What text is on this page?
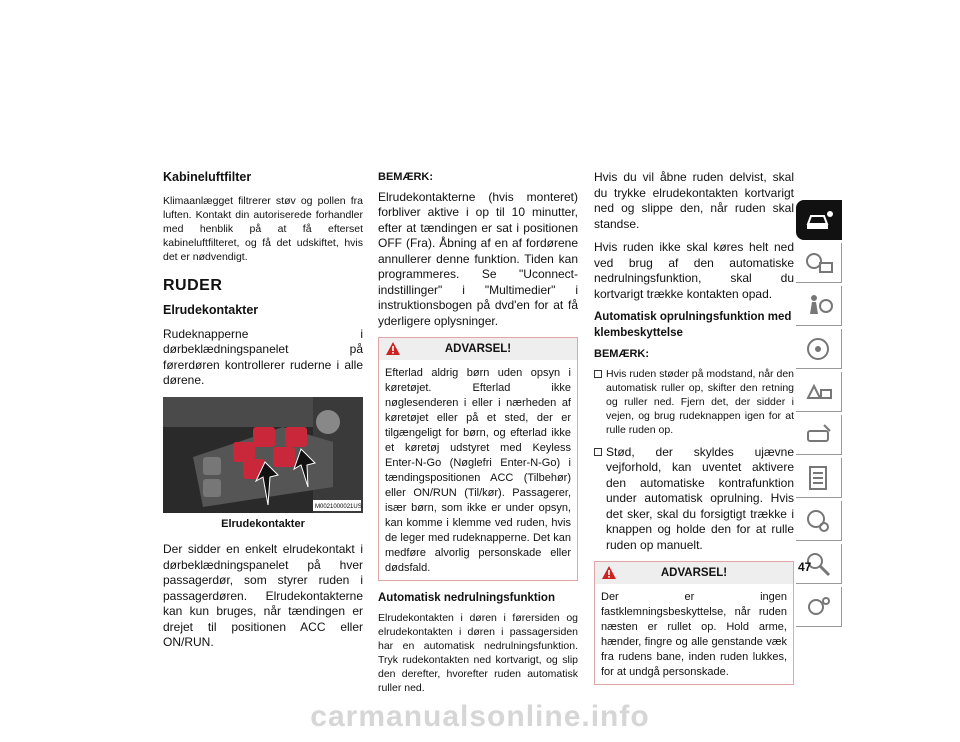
Kabineluftfilter

Klimaanlægget filtrerer støv og pollen fra luften. Kontakt din autoriserede forhandler med henblik på at få efterset kabineluftfilteret, og få det udskiftet, hvis det er nødvendigt.

RUDER
Elrudekontakter

Rudeknapperne i dørbeklædningspanelet på førerdøren kontrollerer ruderne i alle dørene.

M0021000021US
Elrudekontakter

Der sidder en enkelt elrudekontakt i dørbeklædningspanelet på hver passagerdør, som styrer ruden i passagerdøren. Elrudekontakterne kan kun bruges, når tændingen er drejet til positionen ACC eller ON/RUN.

BEMÆRK:

Elrudekontakterne (hvis monteret) forbliver aktive i op til 10 minutter, efter at tændingen er sat i positionen OFF (Fra). Åbning af en af fordørene annullerer denne funktion. Tiden kan programmeres. Se "Uconnect-indstillinger" i "Multimedier" i instruktionsbogen på dvd'en for at få yderligere oplysninger.

ADVARSEL!
Efterlad aldrig børn uden opsyn i køretøjet. Efterlad ikke nøglesenderen i eller i nærheden af køretøjet eller på et sted, der er tilgængeligt for børn, og efterlad ikke et køretøj udstyret med Keyless Enter-N-Go (Nøglefri Enter-N-Go) i tændingspositionen ACC (Tilbehør) eller ON/RUN (Til/kør). Passagerer, især børn, som ikke er under opsyn, kan komme i klemme ved ruden, hvis de leger med rudeknapperne. Det kan medføre alvorlig personskade eller dødsfald.
Automatisk nedrulningsfunktion

Elrudekontakten i døren i førersiden og elrudekontakten i døren i passagersiden har en automatisk nedrulningsfunktion. Tryk rudekontakten ned kortvarigt, og slip den derefter, hvorefter ruden automatisk ruller ned.

Hvis du vil åbne ruden delvist, skal du trykke elrudekontakten kortvarigt ned og slippe den, når ruden skal standse.

Hvis ruden ikke skal køres helt ned ved brug af den automatiske nedrulningsfunktion, skal du kortvarigt trække kontakten opad.

Automatisk oprulningsfunktion med klembeskyttelse
BEMÆRK:
Hvis ruden støder på modstand, når den automatisk ruller op, skifter den retning og ruller ned. Fjern det, der sidder i vejen, og brug rudeknappen igen for at rulle ruden op.
Stød, der skyldes ujævne vejforhold, kan uventet aktivere den automatiske kontrafunktion under automatisk oprulning. Hvis det sker, skal du forsigtigt trække i knappen og holde den for at rulle ruden op manuelt.
ADVARSEL!
Der er ingen fastklemningsbeskyttelse, når ruden næsten er rullet op. Hold arme, hænder, fingre og alle genstande væk fra rudens bane, inden ruden lukkes, for at undgå personskade.
47
carmanualsonline.info
